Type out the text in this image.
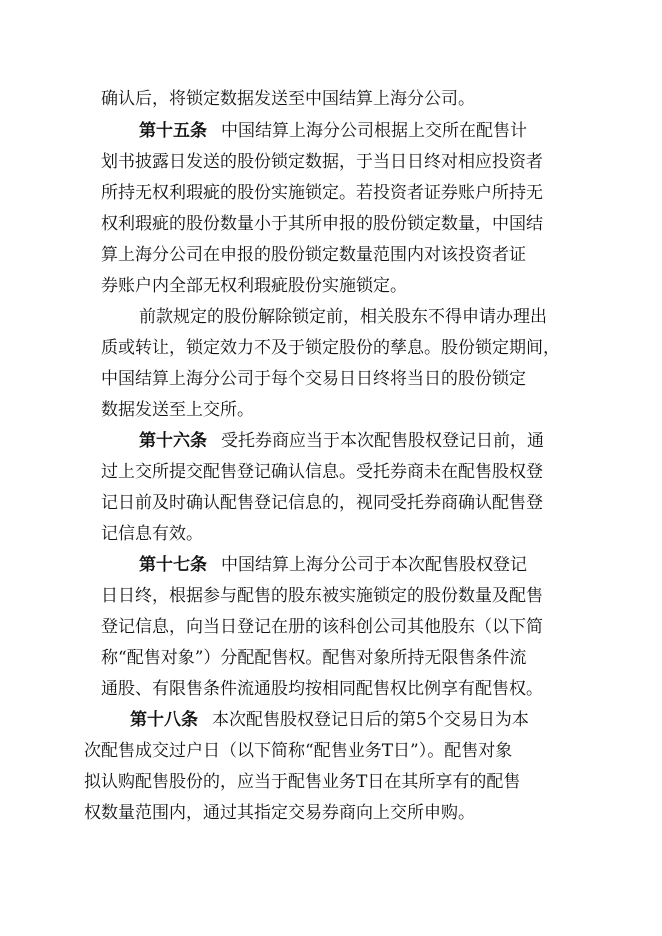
确认后，将锁定数据发送至中国结算上海分公司。

第十五条 中国结算上海分公司根据上交所在配售计
划书披露日发送的股份锁定数据，于当日日终对相应投资者
所持无权利瑕疵的股份实施锁定。若投资者证券账户所持无
权利瑕疵的股份数量小于其所申报的股份锁定数量，中国结
算上海分公司在申报的股份锁定数量范围内对该投资者证
券账户内全部无权利瑕疵股份实施锁定。

前款规定的股份解除锁定前，相关股东不得申请办理出
质或转让，锁定效力不及于锁定股份的孳息。股份锁定期间，
中国结算上海分公司于每个交易日日终将当日的股份锁定
数据发送至上交所。

第十六条 受托券商应当于本次配售股权登记日前，通
过上交所提交配售登记确认信息。受托券商未在配售股权登
记日前及时确认配售登记信息的，视同受托券商确认配售登
记信息有效。

第十七条 中国结算上海分公司于本次配售股权登记
日日终，根据参与配售的股东被实施锁定的股份数量及配售
登记信息，向当日登记在册的该科创公司其他股东（以下简
称“配售对象”）分配配售权。配售对象所持无限售条件流
通股、有限售条件流通股均按相同配售权比例享有配售权。

第十八条 本次配售股权登记日后的第5个交易日为本
次配售成交过户日（以下简称“配售业务T日”）。配售对象
拟认购配售股份的，应当于配售业务T日在其所享有的配售
权数量范围内，通过其指定交易券商向上交所申购。
